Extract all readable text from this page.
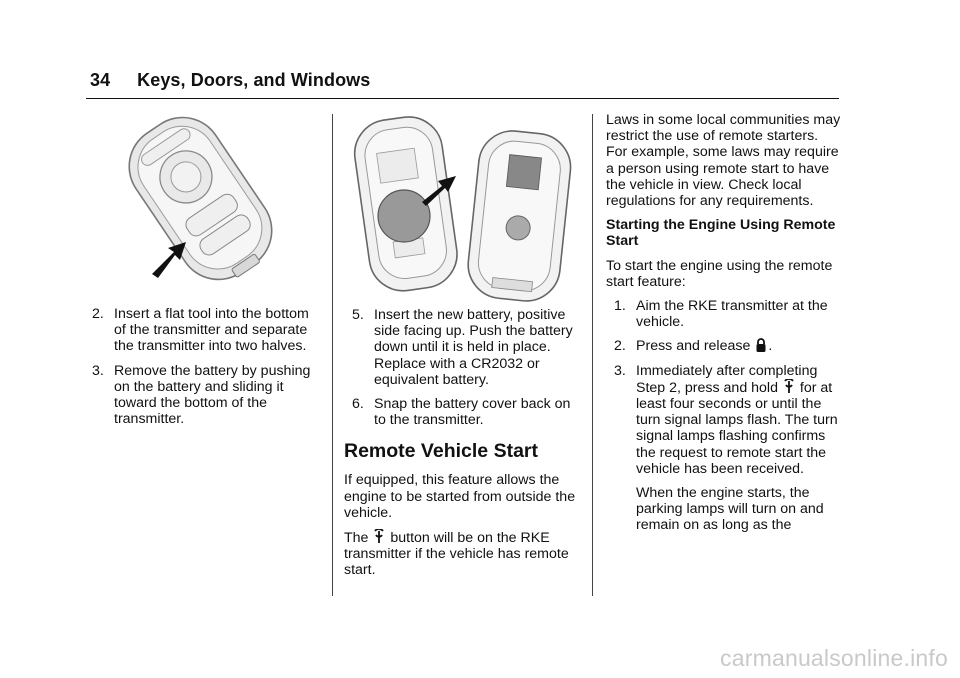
34 Keys, Doors, and Windows
2. Insert a flat tool into the bottom of the transmitter and separate the transmitter into two halves.
3. Remove the battery by pushing on the battery and sliding it toward the bottom of the transmitter.
5. Insert the new battery, positive side facing up. Push the battery down until it is held in place. Replace with a CR2032 or equivalent battery.
6. Snap the battery cover back on to the transmitter.
Remote Vehicle Start

If equipped, this feature allows the engine to be started from outside the vehicle.

The button will be on the RKE transmitter if the vehicle has remote start.

Laws in some local communities may restrict the use of remote starters. For example, some laws may require a person using remote start to have the vehicle in view. Check local regulations for any requirements.

Starting the Engine Using Remote Start

To start the engine using the remote start feature:

1. Aim the RKE transmitter at the vehicle.
2. Press and release .
3. Immediately after completing Step 2, press and hold for at least four seconds or until the turn signal lamps flash. The turn signal lamps flashing confirms the request to remote start the vehicle has been received.

When the engine starts, the parking lamps will turn on and remain on as long as the

carmanualsonline.info
